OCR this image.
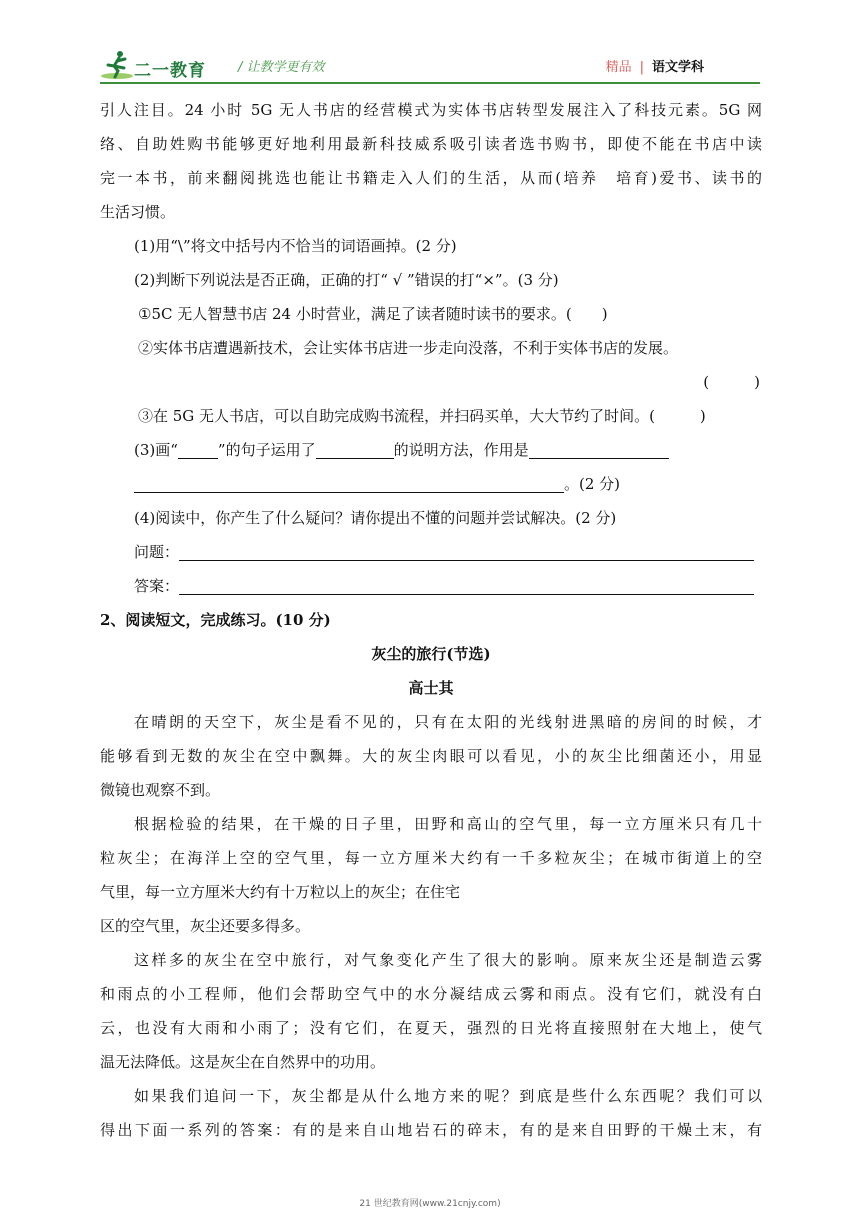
二一教育 / 让教学更有效	精品 | 语文学科
引人注目。24 小时 5G 无人书店的经营模式为实体书店转型发展注入了科技元素。5G 网
络、自助姓购书能够更好地利用最新科技威系吸引读者选书购书，即使不能在书店中读
完一本书，前来翻阅挑选也能让书籍走入人们的生活，从而(培养　培育)爱书、读书的
生活习惯。
(1)用“\”将文中括号内不恰当的词语画掉。(2 分)
(2)判断下列说法是否正确，正确的打“ √ ”错误的打“×”。(3 分)
①5C 无人智慧书店 24 小时营业，满足了读者随时读书的要求。(　　)
②实体书店遭遇新技术，会让实体书店进一步走向没落，不利于实体书店的发展。
(　　　)
③在 5G 无人书店，可以自助完成购书流程，并扫码买单，大大节约了时间。(　　　)
(3)画“	”的句子运用了	的说明方法，作用是
。(2 分)
(4)阅读中，你产生了什么疑问？请你提出不懂的问题并尝试解决。(2 分)
问题：
答案：
2、阅读短文，完成练习。(10 分)
灰尘的旅行(节选)
高士其
在晴朗的天空下，灰尘是看不见的，只有在太阳的光线射进黑暗的房间的时候，才
能够看到无数的灰尘在空中飘舞。大的灰尘肉眼可以看见，小的灰尘比细菌还小，用显
微镜也观察不到。
根据检验的结果，在干燥的日子里，田野和高山的空气里，每一立方厘米只有几十
粒灰尘；在海洋上空的空气里，每一立方厘米大约有一千多粒灰尘；在城市街道上的空
气里，每一立方厘米大约有十万粒以上的灰尘；在住宅
区的空气里，灰尘还要多得多。
这样多的灰尘在空中旅行，对气象变化产生了很大的影响。原来灰尘还是制造云雾
和雨点的小工程师，他们会帮助空气中的水分凝结成云雾和雨点。没有它们，就没有白
云，也没有大雨和小雨了；没有它们，在夏天，强烈的日光将直接照射在大地上，使气
温无法降低。这是灰尘在自然界中的功用。
如果我们追问一下，灰尘都是从什么地方来的呢？到底是些什么东西呢？我们可以
得出下面一系列的答案：有的是来自山地岩石的碎末，有的是来自田野的干燥土末，有
21 世纪教育网(www.21cnjy.com)
